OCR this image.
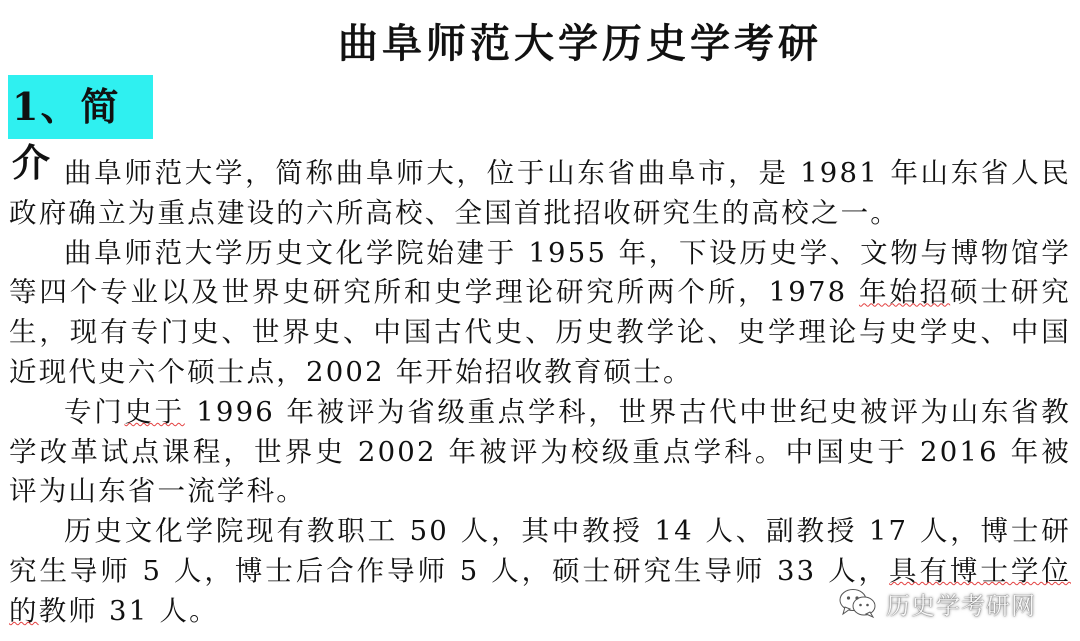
曲阜师范大学历史学考研
1、简介 曲阜师范大学，简称曲阜师大，位于山东省曲阜市，是 1981 年山东省人民政府确立为重点建设的六所高校、全国首批招收研究生的高校之一。

曲阜师范大学历史文化学院始建于 1955 年，下设历史学、文物与博物馆学等四个专业以及世界史研究所和史学理论研究所两个所，1978 年始招硕士研究生，现有专门史、世界史、中国古代史、历史教学论、史学理论与史学史、中国近现代史六个硕士点，2002 年开始招收教育硕士。

专门史于 1996 年被评为省级重点学科，世界古代中世纪史被评为山东省教学改革试点课程，世界史 2002 年被评为校级重点学科。中国史于 2016 年被评为山东省一流学科。

历史文化学院现有教职工 50 人，其中教授 14 人、副教授 17 人，博士研究生导师 5 人，博士后合作导师 5 人，硕士研究生导师 33 人，具有博士学位的教师 31 人。	历史学考研网
